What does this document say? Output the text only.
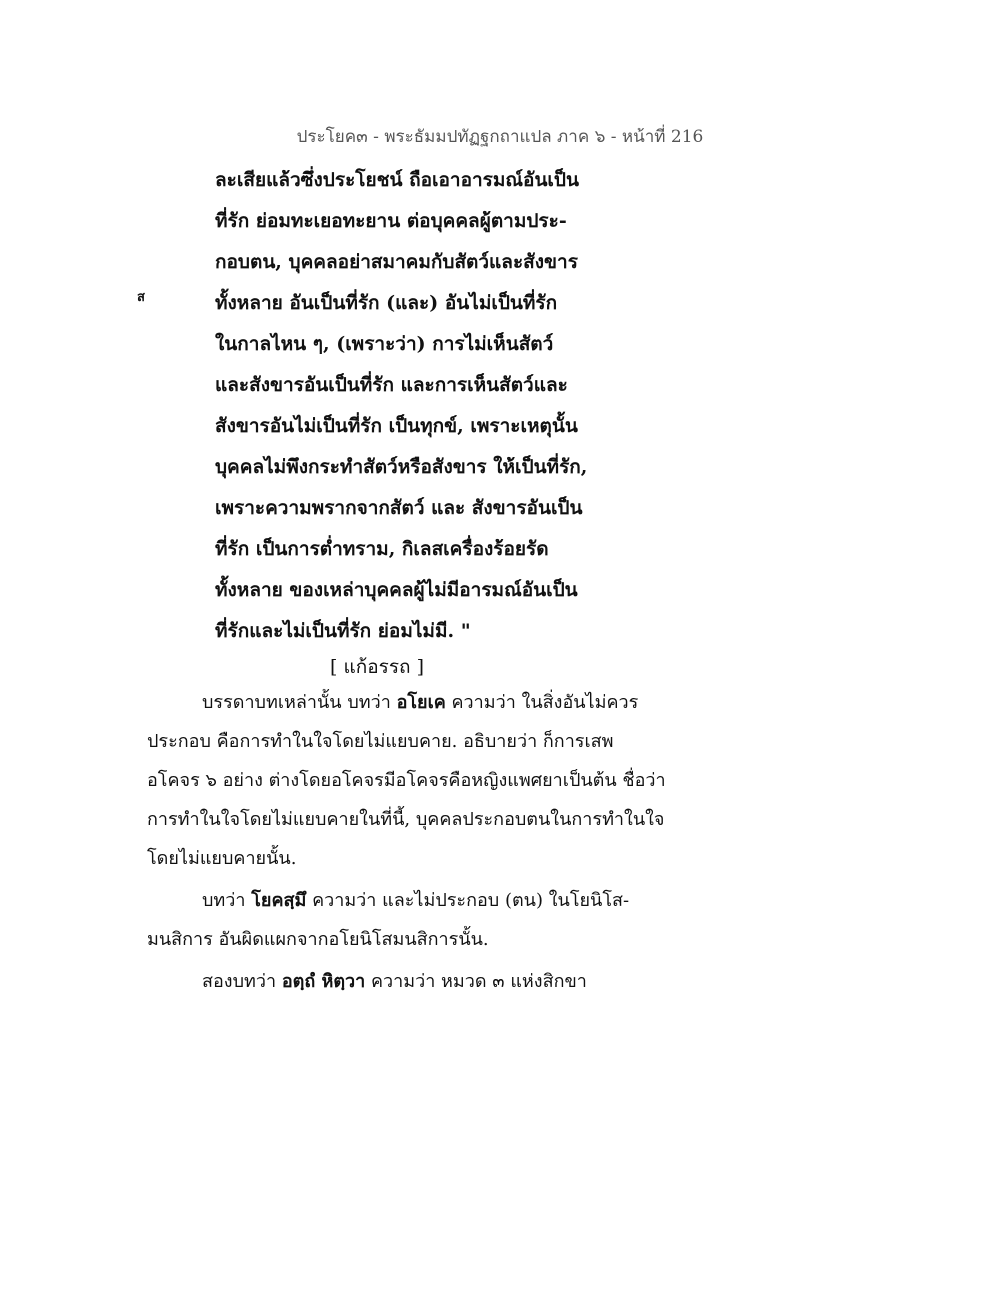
ประโยค๓ - พระธัมมปทัฏฐกถาแปล ภาค ๖ - หน้าที่ 216
ส
ละเสียแล้วซึ่งประโยชน์ ถือเอาอารมณ์อันเป็น
ที่รัก ย่อมทะเยอทะยาน ต่อบุคคลผู้ตามประ-
กอบตน, บุคคลอย่าสมาคมกับสัตว์และสังขาร
ทั้งหลาย อันเป็นที่รัก (และ) อันไม่เป็นที่รัก
ในกาลไหน ๆ, (เพราะว่า) การไม่เห็นสัตว์
และสังขารอันเป็นที่รัก และการเห็นสัตว์และ
สังขารอันไม่เป็นที่รัก เป็นทุกข์, เพราะเหตุนั้น
บุคคลไม่พึงกระทำสัตว์หรือสังขาร ให้เป็นที่รัก,
เพราะความพรากจากสัตว์ และ สังขารอันเป็น
ที่รัก เป็นการต่ำทราม, กิเลสเครื่องร้อยรัด
ทั้งหลาย ของเหล่าบุคคลผู้ไม่มีอารมณ์อันเป็น
ที่รักและไม่เป็นที่รัก ย่อมไม่มี. "
[ แก้อรรถ ]
บรรดาบทเหล่านั้น บทว่า อโยเค ความว่า ในสิ่งอันไม่ควร
ประกอบ คือการทำในใจโดยไม่แยบคาย. อธิบายว่า ก็การเสพ
อโคจร ๖ อย่าง ต่างโดยอโคจรมีอโคจรคือหญิงแพศยาเป็นต้น ชื่อว่า
การทำในใจโดยไม่แยบคายในที่นี้, บุคคลประกอบตนในการทำในใจ
โดยไม่แยบคายนั้น.
บทว่า โยคสฺมึ ความว่า และไม่ประกอบ (ตน) ในโยนิโส-
มนสิการ อันผิดแผกจากอโยนิโสมนสิการนั้น.
สองบทว่า อตฺถํ หิตฺวา ความว่า หมวด ๓ แห่งสิกขา
